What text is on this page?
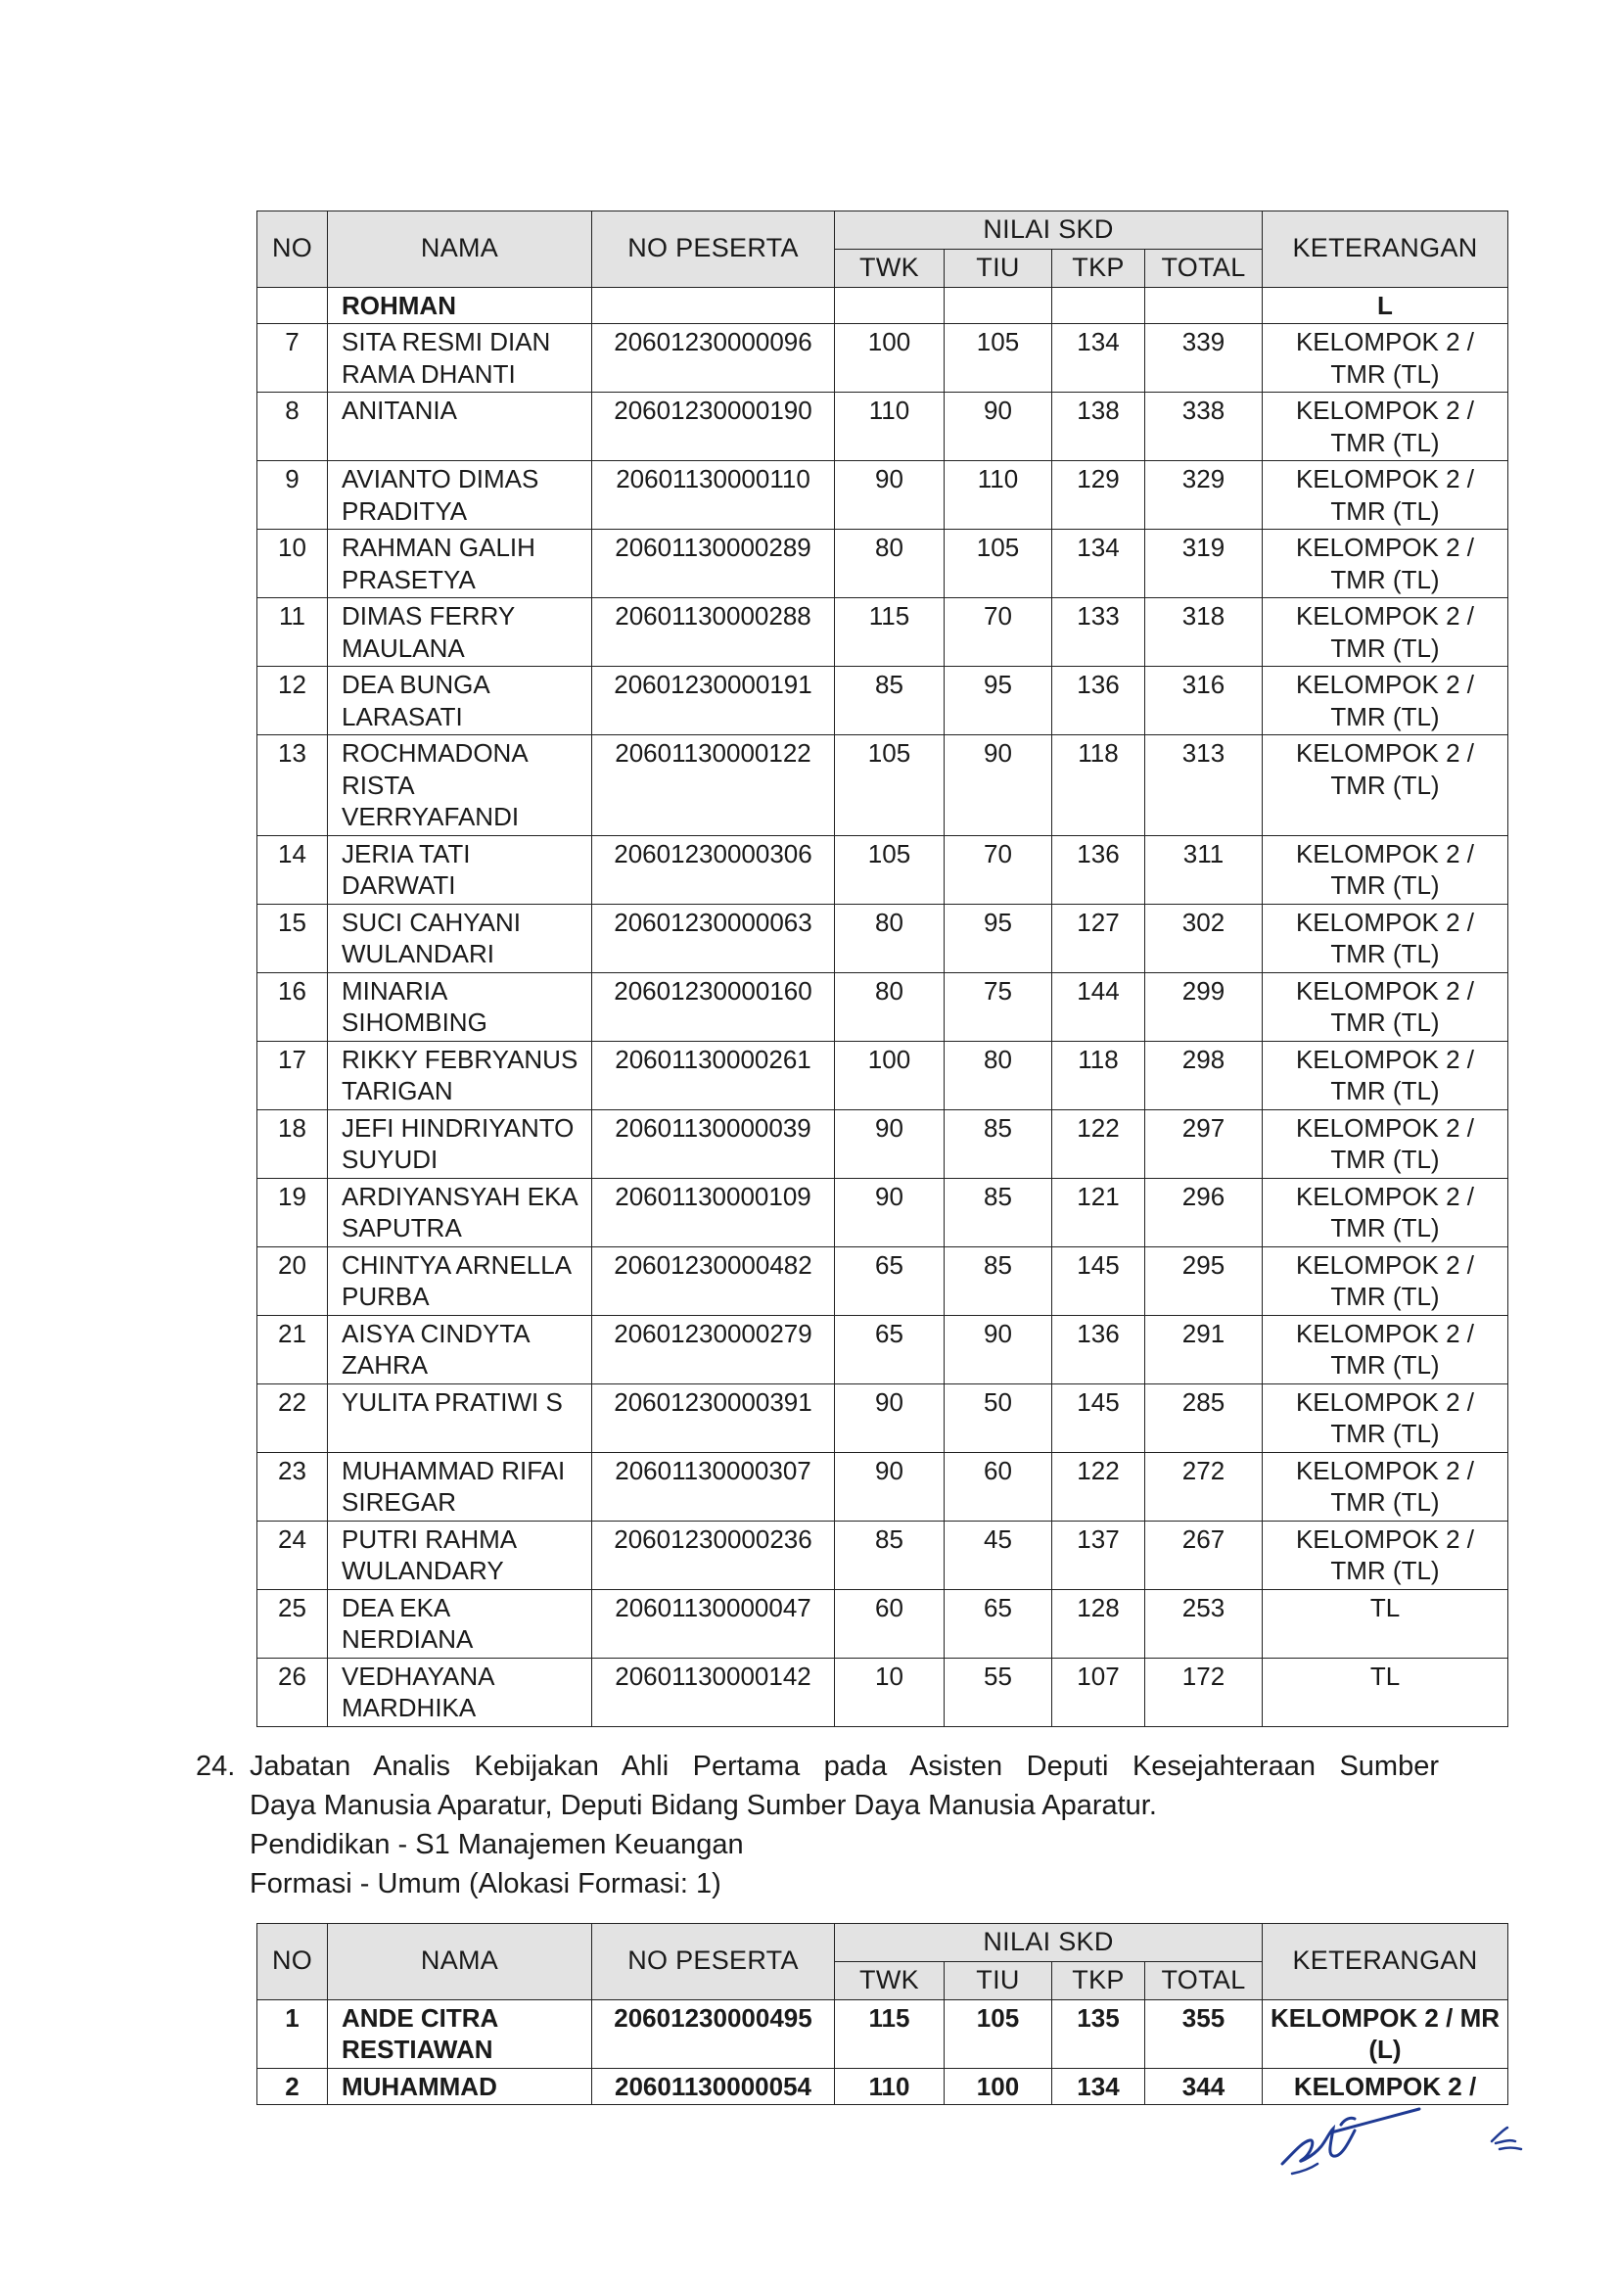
NO	NAMA	NO PESERTA	NILAI SKD				KETERANGAN
			TWK	TIU	TKP	TOTAL	
	ROHMAN						L
7	SITA RESMI DIAN RAMA DHANTI	20601230000096	100	105	134	339	KELOMPOK 2 / TMR (TL)
8	ANITANIA	20601230000190	110	90	138	338	KELOMPOK 2 / TMR (TL)
9	AVIANTO DIMAS PRADITYA	20601130000110	90	110	129	329	KELOMPOK 2 / TMR (TL)
10	RAHMAN GALIH PRASETYA	20601130000289	80	105	134	319	KELOMPOK 2 / TMR (TL)
11	DIMAS FERRY MAULANA	20601130000288	115	70	133	318	KELOMPOK 2 / TMR (TL)
12	DEA BUNGA LARASATI	20601230000191	85	95	136	316	KELOMPOK 2 / TMR (TL)
13	ROCHMADONA RISTA VERRYAFANDI	20601130000122	105	90	118	313	KELOMPOK 2 / TMR (TL)
14	JERIA TATI DARWATI	20601230000306	105	70	136	311	KELOMPOK 2 / TMR (TL)
15	SUCI CAHYANI WULANDARI	20601230000063	80	95	127	302	KELOMPOK 2 / TMR (TL)
16	MINARIA SIHOMBING	20601230000160	80	75	144	299	KELOMPOK 2 / TMR (TL)
17	RIKKY FEBRYANUS TARIGAN	20601130000261	100	80	118	298	KELOMPOK 2 / TMR (TL)
18	JEFI HINDRIYANTO SUYUDI	20601130000039	90	85	122	297	KELOMPOK 2 / TMR (TL)
19	ARDIYANSYAH EKA SAPUTRA	20601130000109	90	85	121	296	KELOMPOK 2 / TMR (TL)
20	CHINTYA ARNELLA PURBA	20601230000482	65	85	145	295	KELOMPOK 2 / TMR (TL)
21	AISYA CINDYTA ZAHRA	20601230000279	65	90	136	291	KELOMPOK 2 / TMR (TL)
22	YULITA PRATIWI S	20601230000391	90	50	145	285	KELOMPOK 2 / TMR (TL)
23	MUHAMMAD RIFAI SIREGAR	20601130000307	90	60	122	272	KELOMPOK 2 / TMR (TL)
24	PUTRI RAHMA WULANDARY	20601230000236	85	45	137	267	KELOMPOK 2 / TMR (TL)
25	DEA EKA NERDIANA	20601130000047	60	65	128	253	TL
26	VEDHAYANA MARDHIKA	20601130000142	10	55	107	172	TL
24. Jabatan Analis Kebijakan Ahli Pertama pada Asisten Deputi Kesejahteraan Sumber

Daya Manusia Aparatur, Deputi Bidang Sumber Daya Manusia Aparatur.

Pendidikan - S1 Manajemen Keuangan

Formasi - Umum (Alokasi Formasi: 1)

NO	NAMA	NO PESERTA	NILAI SKD				KETERANGAN
			TWK	TIU	TKP	TOTAL	
1	ANDE CITRA RESTIAWAN	20601230000495	115	105	135	355	KELOMPOK 2 / MR (L)
2	MUHAMMAD	20601130000054	110	100	134	344	KELOMPOK 2 /
